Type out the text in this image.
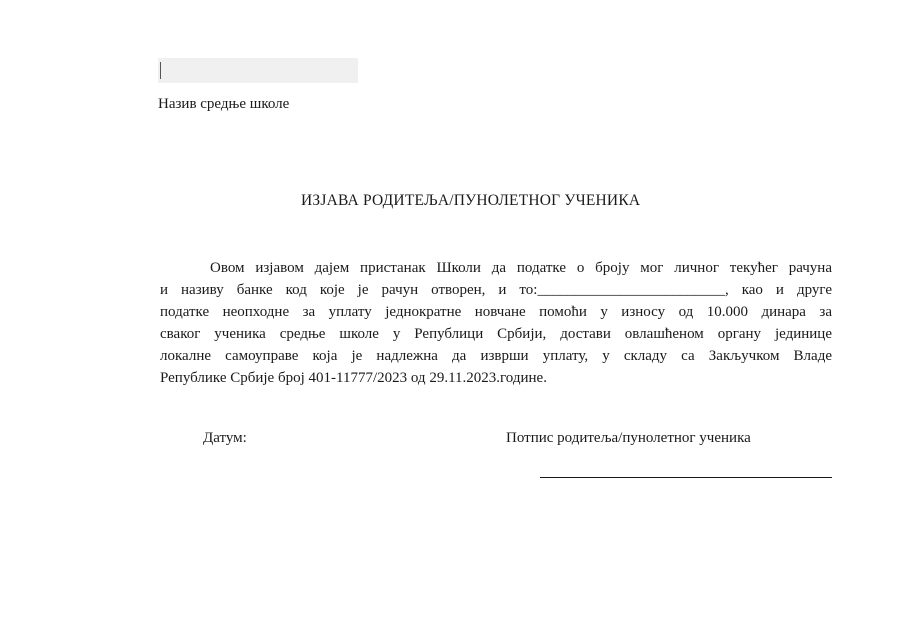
Назив средње школе
ИЗЈАВА РОДИТЕЉА/ПУНОЛЕТНОГ УЧЕНИКА
Овом изјавом дајем пристанак Школи да податке о броју мог личног текућег рачуна
и називу банке код које је рачун отворен, и то:_________________________, као и друге
податке неопходне за уплату једнократне новчане помоћи у износу од 10.000 динара за
сваког ученика средње школе у Републици Србији, достави овлашћеном органу јединице
локалне самоуправе која је надлежна да изврши уплату, у складу са Закључком Владе
Републике Србије број 401-11777/2023 од 29.11.2023.године.
Датум:	Потпис родитеља/пунолетног ученика
